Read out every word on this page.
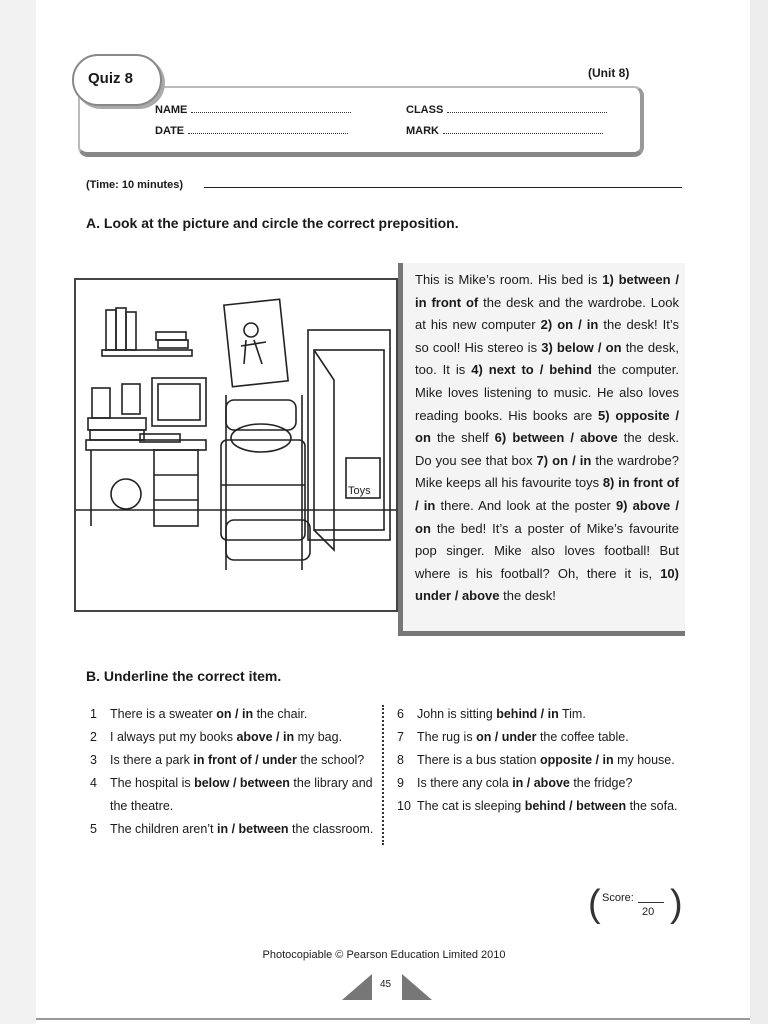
Quiz 8	(Unit 8)
NAME	CLASS
DATE	MARK
(Time: 10 minutes)
A. Look at the picture and circle the correct preposition.
Toys

This is Mike’s room. His bed is 1) between / in front of the desk and the wardrobe. Look at his new computer 2) on / in the desk! It’s so cool! His stereo is 3) below / on the desk, too. It is 4) next to / behind the computer. Mike loves listening to music. He also loves reading books. His books are 5) opposite / on the shelf 6) between / above the desk. Do you see that box 7) on / in the wardrobe? Mike keeps all his favourite toys 8) in front of / in there. And look at the poster 9) above / on the bed! It’s a poster of Mike’s favourite pop singer. Mike also loves football! But where is his football? Oh, there it is, 10) under / above the desk!

B. Underline the correct item.
1	There is a sweater on / in the chair.
2	I always put my books above / in my bag.
3	Is there a park in front of / under the school?
4	The hospital is below / between the library and the theatre.
5	The children aren’t in / between the classroom.
6	John is sitting behind / in Tim.
7	The rug is on / under the coffee table.
8	There is a bus station opposite / in my house.
9	Is there any cola in / above the fridge?
10 The cat is sleeping behind / between the sofa.
( Score:
20 )
Photocopiable © Pearson Education Limited 2010
45
